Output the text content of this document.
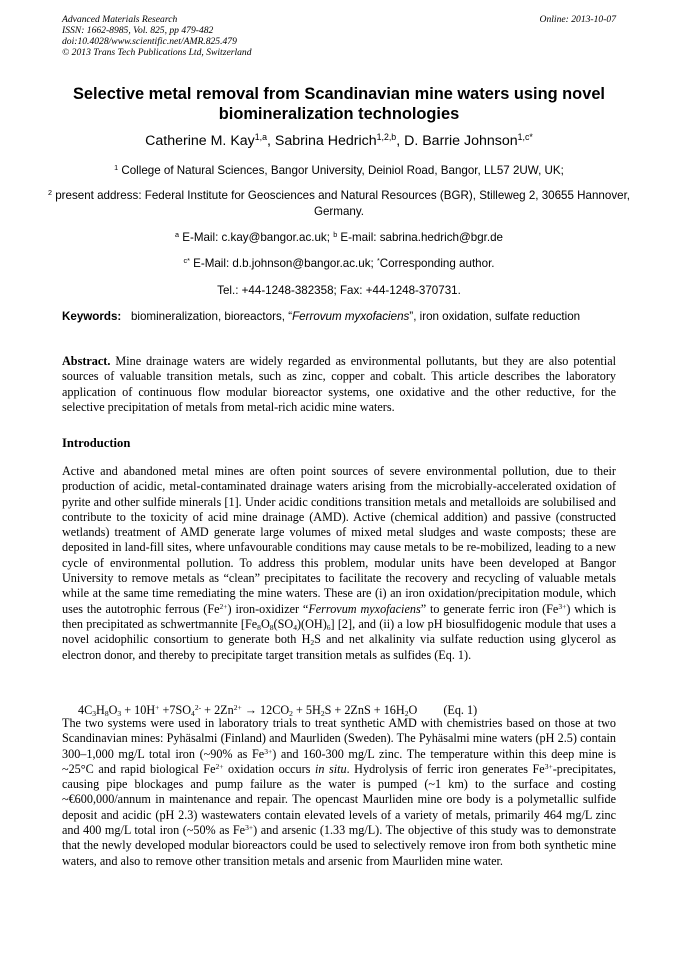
Advanced Materials Research
ISSN: 1662-8985, Vol. 825, pp 479-482
doi:10.4028/www.scientific.net/AMR.825.479
© 2013 Trans Tech Publications Ltd, Switzerland
Online: 2013-10-07
Selective metal removal from Scandinavian mine waters using novel biomineralization technologies
Catherine M. Kay$^{1,a}$, Sabrina Hedrich$^{1,2,b}$, D. Barrie Johnson$^{1,c*}$
$^1$ College of Natural Sciences, Bangor University, Deiniol Road, Bangor, LL57 2UW, UK;
$^2$ present address: Federal Institute for Geosciences and Natural Resources (BGR), Stilleweg 2, 30655 Hannover, Germany.
$^a$ E-Mail: c.kay@bangor.ac.uk; $^b$ E-mail: sabrina.hedrich@bgr.de
$^{c*}$ E-Mail: d.b.johnson@bangor.ac.uk; *Corresponding author.
Tel.: +44-1248-382358; Fax: +44-1248-370731.
Keywords: biomineralization, bioreactors, “Ferrovum myxofaciens”, iron oxidation, sulfate reduction
Abstract. Mine drainage waters are widely regarded as environmental pollutants, but they are also potential sources of valuable transition metals, such as zinc, copper and cobalt. This article describes the laboratory application of continuous flow modular bioreactor systems, one oxidative and the other reductive, for the selective precipitation of metals from metal-rich acidic mine waters.
Introduction

Active and abandoned metal mines are often point sources of severe environmental pollution, due to their production of acidic, metal-contaminated drainage waters arising from the microbially-accelerated oxidation of pyrite and other sulfide minerals [1]. Under acidic conditions transition metals and metalloids are solubilised and contribute to the toxicity of acid mine drainage (AMD). Active (chemical addition) and passive (constructed wetlands) treatment of AMD generate large volumes of mixed metal sludges and waste composts; these are deposited in land-fill sites, where unfavourable conditions may cause metals to be re-mobilized, leading to a new cycle of environmental pollution. To address this problem, modular units have been developed at Bangor University to remove metals as “clean” precipitates to facilitate the recovery and recycling of valuable metals while at the same time remediating the mine waters. These are (i) an iron oxidation/precipitation module, which uses the autotrophic ferrous $(Fe^{2+})$ iron-oxidizer “Ferrovum myxofaciens” to generate ferric iron $(Fe^{3+})$ which is then precipitated as schwertmannite $[Fe_8O_8(SO_4)(OH)_6]$ [2], and (ii) a low pH biosulfidogenic module that uses a novel acidophilic consortium to generate both $H_2S$ and net alkalinity via sulfate reduction using glycerol as electron donor, and thereby to precipitate target transition metals as sulfides (Eq. 1).

$4C_3H_8O_3 + 10H^+ +7SO_4^{2-} + 2Zn^{2+} \to 12CO_2 + 5H_2S + 2ZnS + 16H_2O$ (Eq. 1)

The two systems were used in laboratory trials to treat synthetic AMD with chemistries based on those at two Scandinavian mines: Pyhäsalmi (Finland) and Maurliden (Sweden). The Pyhäsalmi mine waters (pH 2.5) contain 300–1,000 mg/L total iron (~90% as $Fe^{3+}$) and 160-300 mg/L zinc. The temperature within this deep mine is ~25°C and rapid biological $Fe^{2+}$ oxidation occurs in situ. Hydrolysis of ferric iron generates $Fe^{3+}$-precipitates, causing pipe blockages and pump failure as the water is pumped (~1 km) to the surface and costing ~€600,000/annum in maintenance and repair. The opencast Maurliden mine ore body is a polymetallic sulfide deposit and acidic (pH 2.3) wastewaters contain elevated levels of a variety of metals, primarily 464 mg/L zinc and 400 mg/L total iron (~50% as $Fe^{3+}$) and arsenic (1.33 mg/L). The objective of this study was to demonstrate that the newly developed modular bioreactors could be used to selectively remove iron from both synthetic mine waters, and also to remove other transition metals and arsenic from Maurliden mine water.
